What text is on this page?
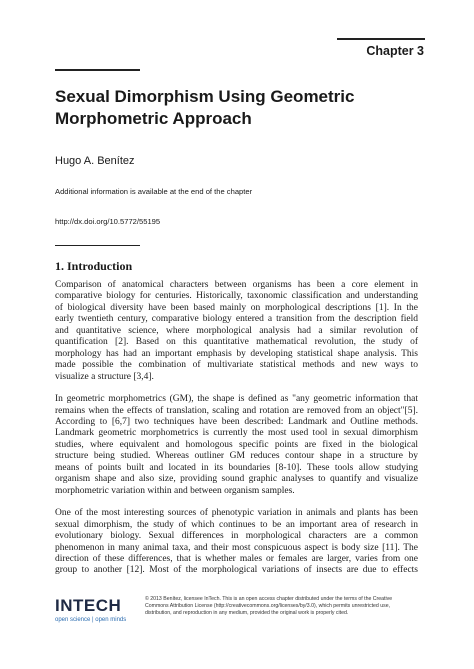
Chapter 3
Sexual Dimorphism Using Geometric
Morphometric Approach
Hugo A. Benítez
Additional information is available at the end of the chapter
http://dx.doi.org/10.5772/55195
1. Introduction

Comparison of anatomical characters between organisms has been a core element in
comparative biology for centuries. Historically, taxonomic classification and understanding
of biological diversity have been based mainly on morphological descriptions [1]. In the
early twentieth century, comparative biology entered a transition from the description field
and quantitative science, where morphological analysis had a similar revolution of
quantification [2]. Based on this quantitative mathematical revolution, the study of
morphology has had an important emphasis by developing statistical shape analysis. This
made possible the combination of multivariate statistical methods and new ways to
visualize a structure [3,4].

In geometric morphometrics (GM), the shape is defined as "any geometric information that
remains when the effects of translation, scaling and rotation are removed from an object"[5].
According to [6,7] two techniques have been described: Landmark and Outline methods.
Landmark geometric morphometrics is currently the most used tool in sexual dimorphism
studies, where equivalent and homologous specific points are fixed in the biological
structure being studied. Whereas outliner GM reduces contour shape in a structure by
means of points built and located in its boundaries [8-10]. These tools allow studying
organism shape and also size, providing sound graphic analyses to quantify and visualize
morphometric variation within and between organism samples.

One of the most interesting sources of phenotypic variation in animals and plants has been
sexual dimorphism, the study of which continues to be an important area of research in
evolutionary biology. Sexual differences in morphological characters are a common
phenomenon in many animal taxa, and their most conspicuous aspect is body size [11]. The
direction of these differences, that is whether males or females are larger, varies from one
group to another [12]. Most of the morphological variations of insects are due to effects

INTECH
open science | open minds
© 2013 Benítez, licensee InTech. This is an open access chapter distributed under the terms of the Creative
Commons Attribution License (http://creativecommons.org/licenses/by/3.0), which permits unrestricted use,
distribution, and reproduction in any medium, provided the original work is properly cited.
